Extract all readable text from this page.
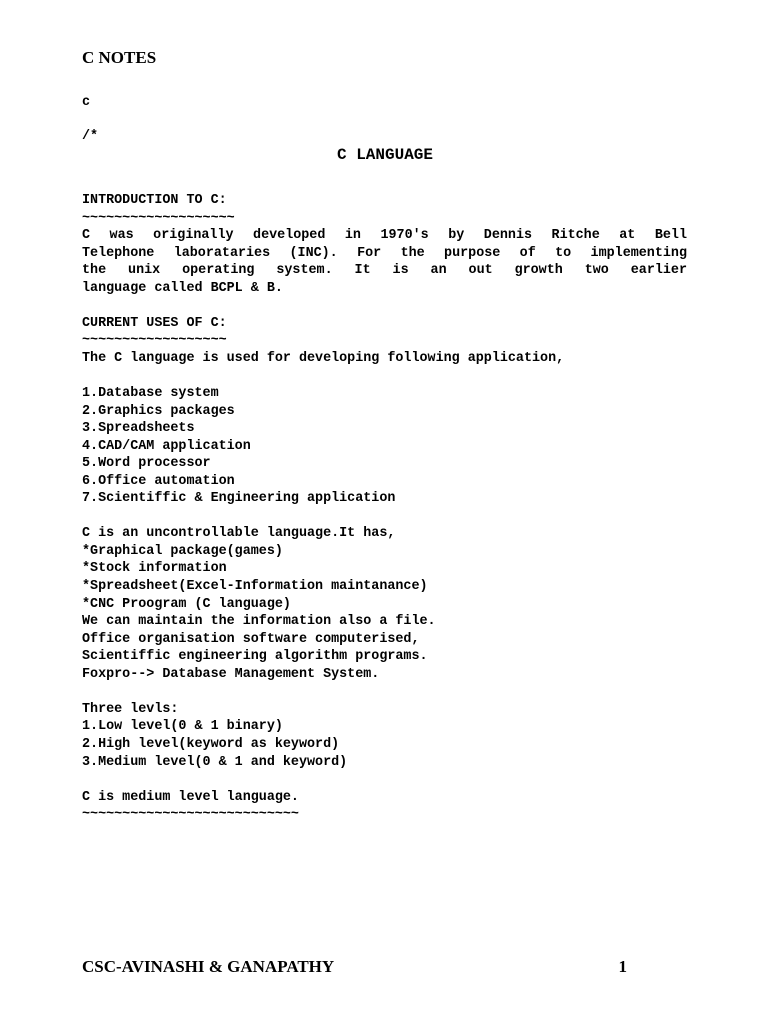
C NOTES
c
/*
C LANGUAGE
INTRODUCTION TO C:
~~~~~~~~~~~~~~~~~~~
C was originally developed in 1970's by Dennis Ritche at Bell
Telephone laborataries (INC). For the purpose of to implementing
the unix operating system. It is an out growth two earlier
language called BCPL & B.
CURRENT USES OF C:
~~~~~~~~~~~~~~~~~~
The C language is used for developing following application,
1.Database system
2.Graphics packages
3.Spreadsheets
4.CAD/CAM application
5.Word processor
6.Office automation
7.Scientiffic & Engineering application
C is an uncontrollable language.It has,
*Graphical package(games)
*Stock information
*Spreadsheet(Excel-Information maintanance)
*CNC Proogram (C language)
We can maintain the information also a file.
Office organisation software computerised,
Scientiffic engineering algorithm programs.
Foxpro--> Database Management System.
Three levls:
1.Low level(0 & 1 binary)
2.High level(keyword as keyword)
3.Medium level(0 & 1 and keyword)
C is medium level language.
~~~~~~~~~~~~~~~~~~~~~~~~~~~
CSC-AVINASHI & GANAPATHY	1
